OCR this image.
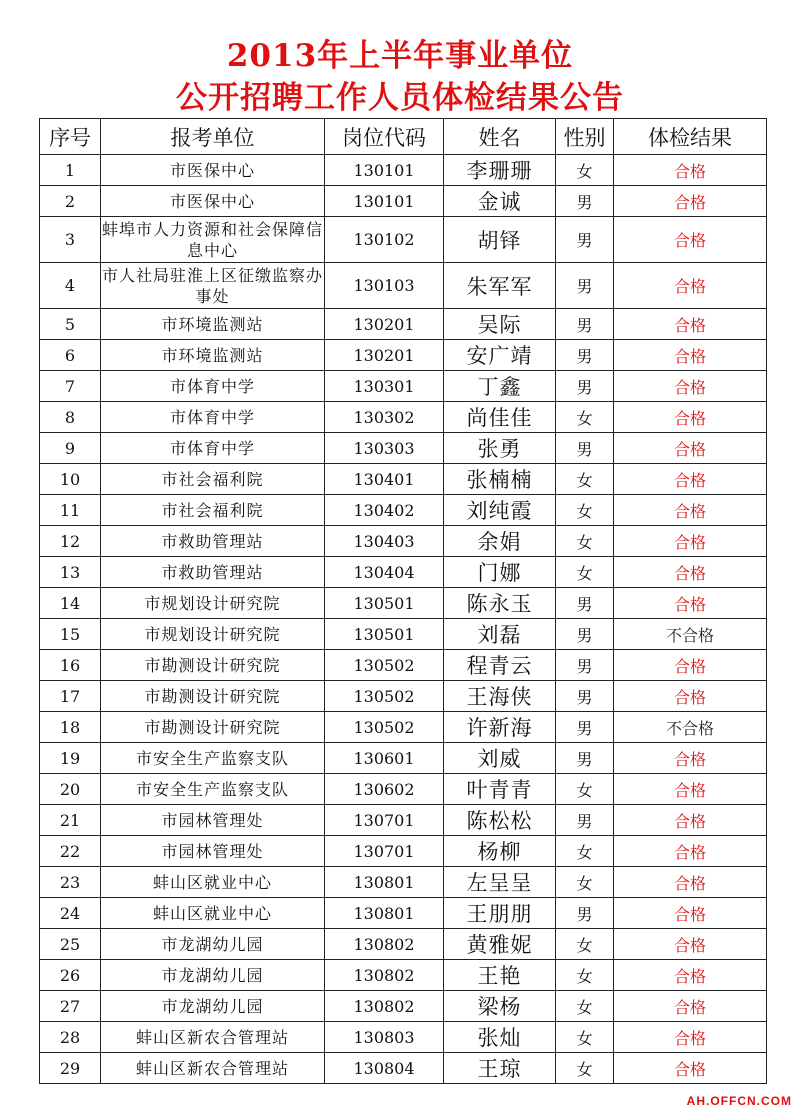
2013年上半年事业单位
公开招聘工作人员体检结果公告
序号	报考单位	岗位代码	姓名	性别	体检结果
1	市医保中心	130101	李珊珊	女	合格
2	市医保中心	130101	金诚	男	合格
3	蚌埠市人力资源和社会保障信息中心	130102	胡铎	男	合格
4	市人社局驻淮上区征缴监察办事处	130103	朱军军	男	合格
5	市环境监测站	130201	吴际	男	合格
6	市环境监测站	130201	安广靖	男	合格
7	市体育中学	130301	丁鑫	男	合格
8	市体育中学	130302	尚佳佳	女	合格
9	市体育中学	130303	张勇	男	合格
10	市社会福利院	130401	张楠楠	女	合格
11	市社会福利院	130402	刘纯霞	女	合格
12	市救助管理站	130403	余娟	女	合格
13	市救助管理站	130404	门娜	女	合格
14	市规划设计研究院	130501	陈永玉	男	合格
15	市规划设计研究院	130501	刘磊	男	不合格
16	市勘测设计研究院	130502	程青云	男	合格
17	市勘测设计研究院	130502	王海侠	男	合格
18	市勘测设计研究院	130502	许新海	男	不合格
19	市安全生产监察支队	130601	刘威	男	合格
20	市安全生产监察支队	130602	叶青青	女	合格
21	市园林管理处	130701	陈松松	男	合格
22	市园林管理处	130701	杨柳	女	合格
23	蚌山区就业中心	130801	左呈呈	女	合格
24	蚌山区就业中心	130801	王朋朋	男	合格
25	市龙湖幼儿园	130802	黄雅妮	女	合格
26	市龙湖幼儿园	130802	王艳	女	合格
27	市龙湖幼儿园	130802	梁杨	女	合格
28	蚌山区新农合管理站	130803	张灿	女	合格
29	蚌山区新农合管理站	130804	王琼	女	合格
AH.OFFCN.COM
